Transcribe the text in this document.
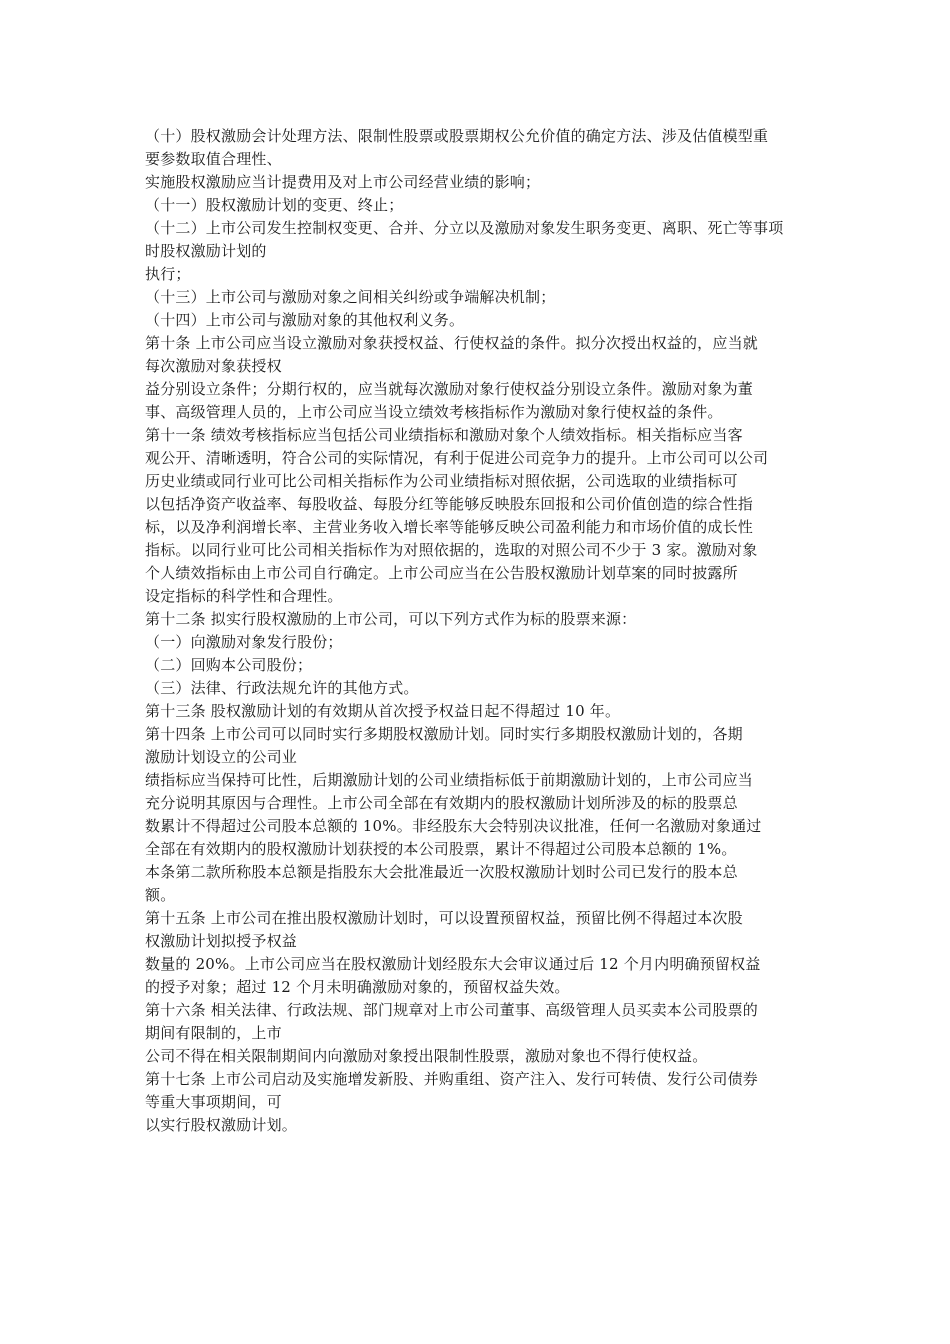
（十）股权激励会计处理方法、限制性股票或股票期权公允价值的确定方法、涉及估值模型重
要参数取值合理性、
实施股权激励应当计提费用及对上市公司经营业绩的影响；
（十一）股权激励计划的变更、终止；
（十二）上市公司发生控制权变更、合并、分立以及激励对象发生职务变更、离职、死亡等事项
时股权激励计划的
执行；
（十三）上市公司与激励对象之间相关纠纷或争端解决机制；
（十四）上市公司与激励对象的其他权利义务。
第十条 上市公司应当设立激励对象获授权益、行使权益的条件。拟分次授出权益的，应当就
每次激励对象获授权
益分别设立条件；分期行权的，应当就每次激励对象行使权益分别设立条件。激励对象为董
事、高级管理人员的，上市公司应当设立绩效考核指标作为激励对象行使权益的条件。
第十一条 绩效考核指标应当包括公司业绩指标和激励对象个人绩效指标。相关指标应当客
观公开、清晰透明，符合公司的实际情况，有利于促进公司竞争力的提升。上市公司可以公司
历史业绩或同行业可比公司相关指标作为公司业绩指标对照依据，公司选取的业绩指标可
以包括净资产收益率、每股收益、每股分红等能够反映股东回报和公司价值创造的综合性指
标，以及净利润增长率、主营业务收入增长率等能够反映公司盈利能力和市场价值的成长性
指标。以同行业可比公司相关指标作为对照依据的，选取的对照公司不少于 3 家。激励对象
个人绩效指标由上市公司自行确定。上市公司应当在公告股权激励计划草案的同时披露所
设定指标的科学性和合理性。
第十二条 拟实行股权激励的上市公司，可以下列方式作为标的股票来源：
（一）向激励对象发行股份；
（二）回购本公司股份；
（三）法律、行政法规允许的其他方式。
第十三条 股权激励计划的有效期从首次授予权益日起不得超过 10 年。
第十四条 上市公司可以同时实行多期股权激励计划。同时实行多期股权激励计划的，各期
激励计划设立的公司业
绩指标应当保持可比性，后期激励计划的公司业绩指标低于前期激励计划的，上市公司应当
充分说明其原因与合理性。上市公司全部在有效期内的股权激励计划所涉及的标的股票总
数累计不得超过公司股本总额的 10%。非经股东大会特别决议批准，任何一名激励对象通过
全部在有效期内的股权激励计划获授的本公司股票，累计不得超过公司股本总额的 1%。
本条第二款所称股本总额是指股东大会批准最近一次股权激励计划时公司已发行的股本总
额。
第十五条 上市公司在推出股权激励计划时，可以设置预留权益，预留比例不得超过本次股
权激励计划拟授予权益
数量的 20%。上市公司应当在股权激励计划经股东大会审议通过后 12 个月内明确预留权益
的授予对象；超过 12 个月未明确激励对象的，预留权益失效。
第十六条 相关法律、行政法规、部门规章对上市公司董事、高级管理人员买卖本公司股票的
期间有限制的，上市
公司不得在相关限制期间内向激励对象授出限制性股票，激励对象也不得行使权益。
第十七条 上市公司启动及实施增发新股、并购重组、资产注入、发行可转债、发行公司债券
等重大事项期间，可
以实行股权激励计划。
